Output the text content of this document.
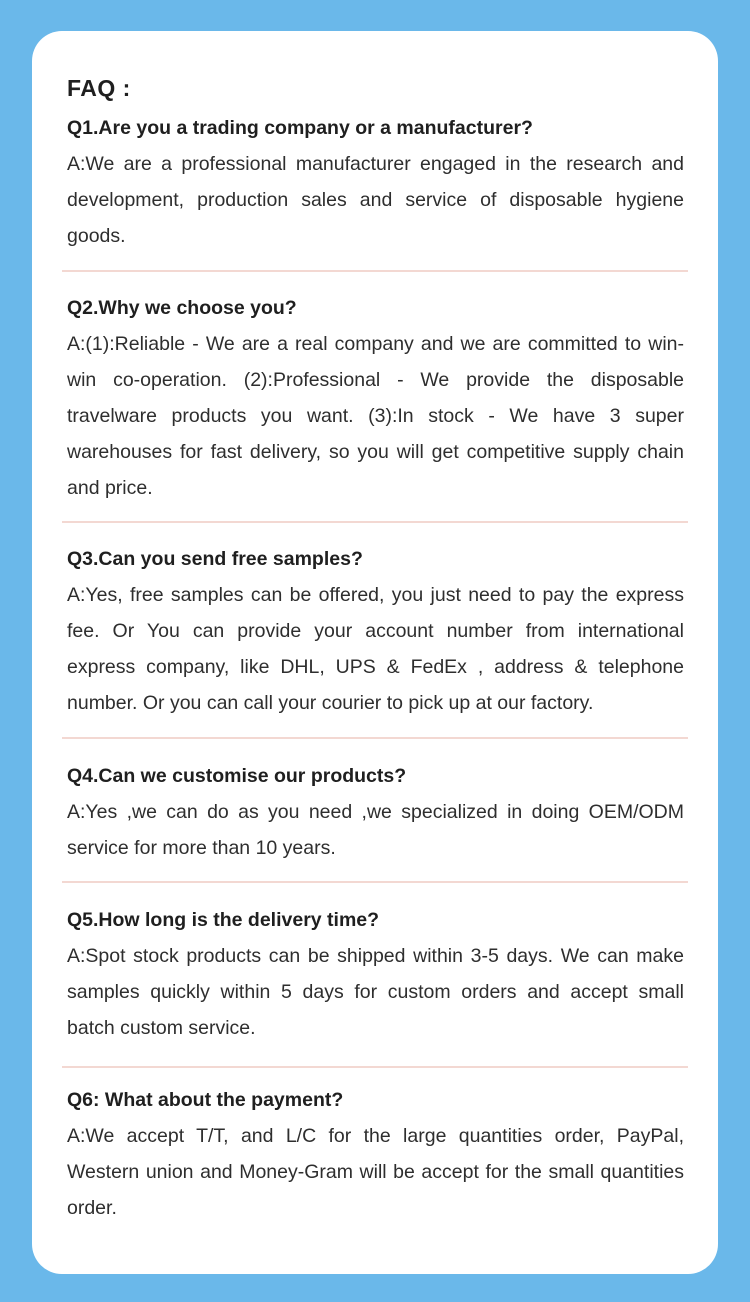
FAQ :

Q1.Are you a trading company or a manufacturer?

A:We are a professional manufacturer engaged in the research and development, production sales and service of disposable hygiene goods.

Q2.Why we choose you?

A:(1):Reliable - We are a real company and we are committed to win-win co-operation. (2):Professional - We provide the disposable travelware products you want. (3):In stock - We have 3 super warehouses for fast delivery, so you will get competitive supply chain and price.

Q3.Can you send free samples?

A:Yes, free samples can be offered, you just need to pay the express fee. Or You can provide your account number from international express company, like DHL, UPS & FedEx , address & telephone number. Or you can call your courier to pick up at our factory.

Q4.Can we customise our products?

A:Yes ,we can do as you need ,we specialized in doing OEM/ODM service for more than 10 years.

Q5.How long is the delivery time?

A:Spot stock products can be shipped within 3-5 days. We can make samples quickly within 5 days for custom orders and accept small batch custom service.

Q6: What about the payment?

A:We accept T/T, and L/C for the large quantities order, PayPal, Western union and Money-Gram will be accept for the small quantities order.
